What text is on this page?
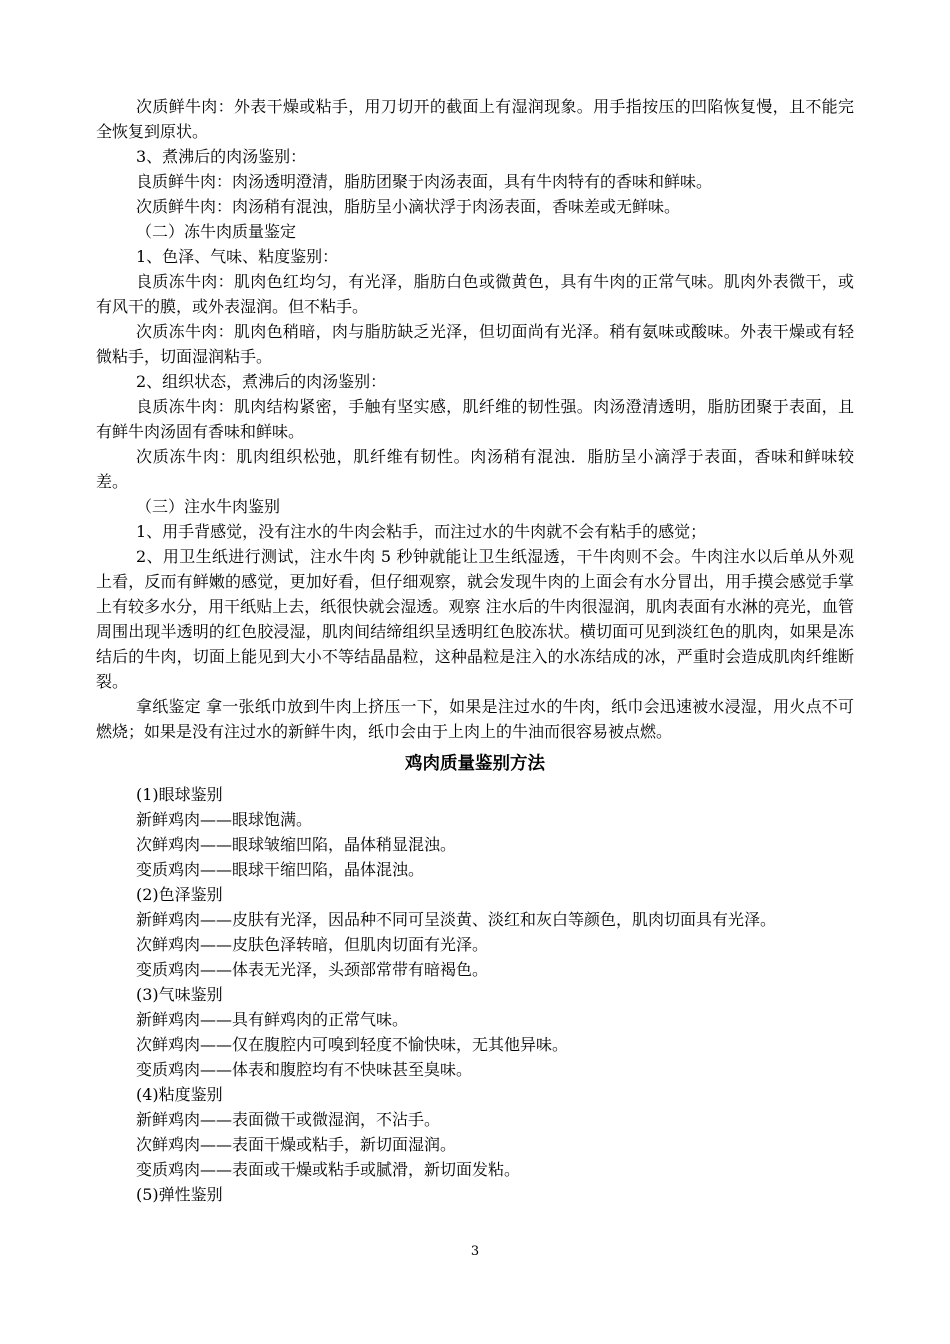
次质鲜牛肉：外表干燥或粘手，用刀切开的截面上有湿润现象。用手指按压的凹陷恢复慢，且不能完全恢复到原状。

3、煮沸后的肉汤鉴别：

良质鲜牛肉：肉汤透明澄清，脂肪团聚于肉汤表面，具有牛肉特有的香味和鲜味。

次质鲜牛肉：肉汤稍有混浊，脂肪呈小滴状浮于肉汤表面，香味差或无鲜味。

（二）冻牛肉质量鉴定

1、色泽、气味、粘度鉴别：

良质冻牛肉：肌肉色红均匀，有光泽，脂肪白色或微黄色，具有牛肉的正常气味。肌肉外表微干，或有风干的膜，或外表湿润。但不粘手。

次质冻牛肉：肌肉色稍暗，肉与脂肪缺乏光泽，但切面尚有光泽。稍有氨味或酸味。外表干燥或有轻微粘手，切面湿润粘手。

2、组织状态，煮沸后的肉汤鉴别：

良质冻牛肉：肌肉结构紧密，手触有坚实感，肌纤维的韧性强。肉汤澄清透明，脂肪团聚于表面，且有鲜牛肉汤固有香味和鲜味。

次质冻牛肉：肌肉组织松弛，肌纤维有韧性。肉汤稍有混浊．脂肪呈小滴浮于表面，香味和鲜味较差。

（三）注水牛肉鉴别

1、用手背感觉，没有注水的牛肉会粘手，而注过水的牛肉就不会有粘手的感觉；

2、用卫生纸进行测试，注水牛肉 5 秒钟就能让卫生纸湿透，干牛肉则不会。牛肉注水以后单从外观上看，反而有鲜嫩的感觉，更加好看，但仔细观察，就会发现牛肉的上面会有水分冒出，用手摸会感觉手掌上有较多水分，用干纸贴上去，纸很快就会湿透。观察 注水后的牛肉很湿润，肌肉表面有水淋的亮光，血管周围出现半透明的红色胶浸湿，肌肉间结缔组织呈透明红色胶冻状。横切面可见到淡红色的肌肉，如果是冻结后的牛肉，切面上能见到大小不等结晶晶粒，这种晶粒是注入的水冻结成的冰，严重时会造成肌肉纤维断裂。

拿纸鉴定 拿一张纸巾放到牛肉上挤压一下，如果是注过水的牛肉，纸巾会迅速被水浸湿，用火点不可燃烧；如果是没有注过水的新鲜牛肉，纸巾会由于上肉上的牛油而很容易被点燃。

鸡肉质量鉴别方法

(1)眼球鉴别

新鲜鸡肉——眼球饱满。

次鲜鸡肉——眼球皱缩凹陷，晶体稍显混浊。

变质鸡肉——眼球干缩凹陷，晶体混浊。

(2)色泽鉴别

新鲜鸡肉——皮肤有光泽，因品种不同可呈淡黄、淡红和灰白等颜色，肌肉切面具有光泽。

次鲜鸡肉——皮肤色泽转暗，但肌肉切面有光泽。

变质鸡肉——体表无光泽，头颈部常带有暗褐色。

(3)气味鉴别

新鲜鸡肉——具有鲜鸡肉的正常气味。

次鲜鸡肉——仅在腹腔内可嗅到轻度不愉快味，无其他异味。

变质鸡肉——体表和腹腔均有不快味甚至臭味。

(4)粘度鉴别

新鲜鸡肉——表面微干或微湿润，不沾手。

次鲜鸡肉——表面干燥或粘手，新切面湿润。

变质鸡肉——表面或干燥或粘手或腻滑，新切面发粘。

(5)弹性鉴别

3
